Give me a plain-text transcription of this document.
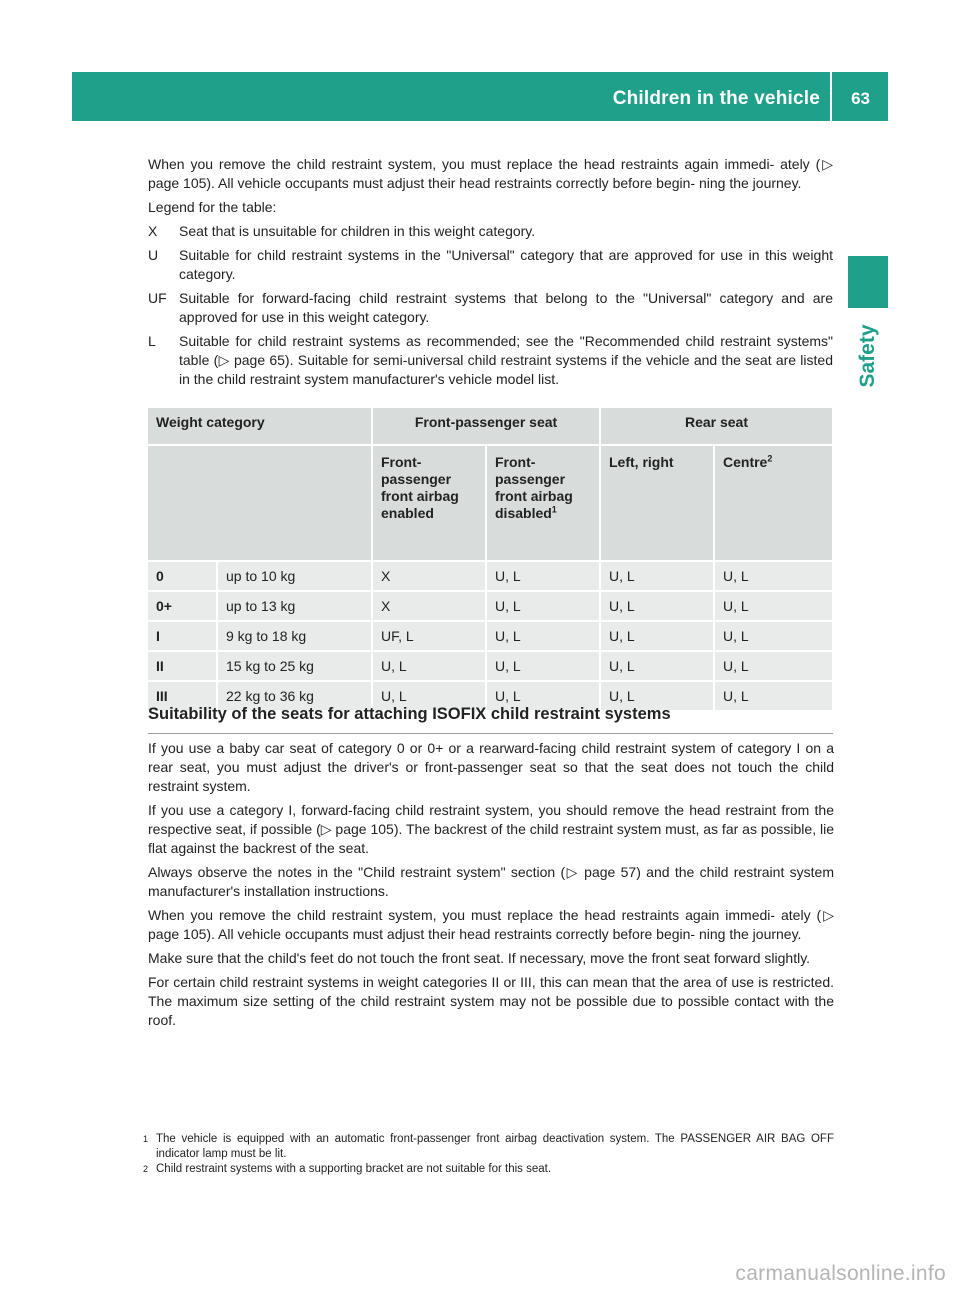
Children in the vehicle 63
Safety

When you remove the child restraint system, you must replace the head restraints again immedi- ately (▷ page 105). All vehicle occupants must adjust their head restraints correctly before begin- ning the journey.

Legend for the table:

X	Seat that is unsuitable for children in this weight category.
U	Suitable for child restraint systems in the "Universal" category that are approved for use in this weight category.
UF Suitable for forward-facing child restraint systems that belong to the "Universal" category and are approved for use in this weight category.
L	Suitable for child restraint systems as recommended; see the "Recommended child restraint systems" table (▷ page 65). Suitable for semi-universal child restraint systems if the vehicle and the seat are listed in the child restraint system manufacturer's vehicle model list.
Weight category		Front-passenger seat		Rear seat	
		Front- passenger front airbag enabled	Front- passenger front airbag disabled$^1$	Left, right	Centre$^2$
0	up to 10 kg	X	U, L	U, L	U, L
0+	up to 13 kg	X	U, L	U, L	U, L
I	9 kg to 18 kg	UF, L	U, L	U, L	U, L
II	15 kg to 25 kg	U, L	U, L	U, L	U, L
III	22 kg to 36 kg	U, L	U, L	U, L	U, L
Suitability of the seats for attaching ISOFIX child restraint systems

If you use a baby car seat of category 0 or 0+ or a rearward-facing child restraint system of category I on a rear seat, you must adjust the driver's or front-passenger seat so that the seat does not touch the child restraint system.

If you use a category I, forward-facing child restraint system, you should remove the head restraint from the respective seat, if possible (▷ page 105). The backrest of the child restraint system must, as far as possible, lie flat against the backrest of the seat.

Always observe the notes in the "Child restraint system" section (▷ page 57) and the child restraint system manufacturer's installation instructions.

When you remove the child restraint system, you must replace the head restraints again immedi- ately (▷ page 105). All vehicle occupants must adjust their head restraints correctly before begin- ning the journey.

Make sure that the child's feet do not touch the front seat. If necessary, move the front seat forward slightly.

For certain child restraint systems in weight categories II or III, this can mean that the area of use is restricted. The maximum size setting of the child restraint system may not be possible due to possible contact with the roof.

1 The vehicle is equipped with an automatic front-passenger front airbag deactivation system. The PASSENGER AIR BAG OFF indicator lamp must be lit.
2 Child restraint systems with a supporting bracket are not suitable for this seat.
carmanualsonline.info
